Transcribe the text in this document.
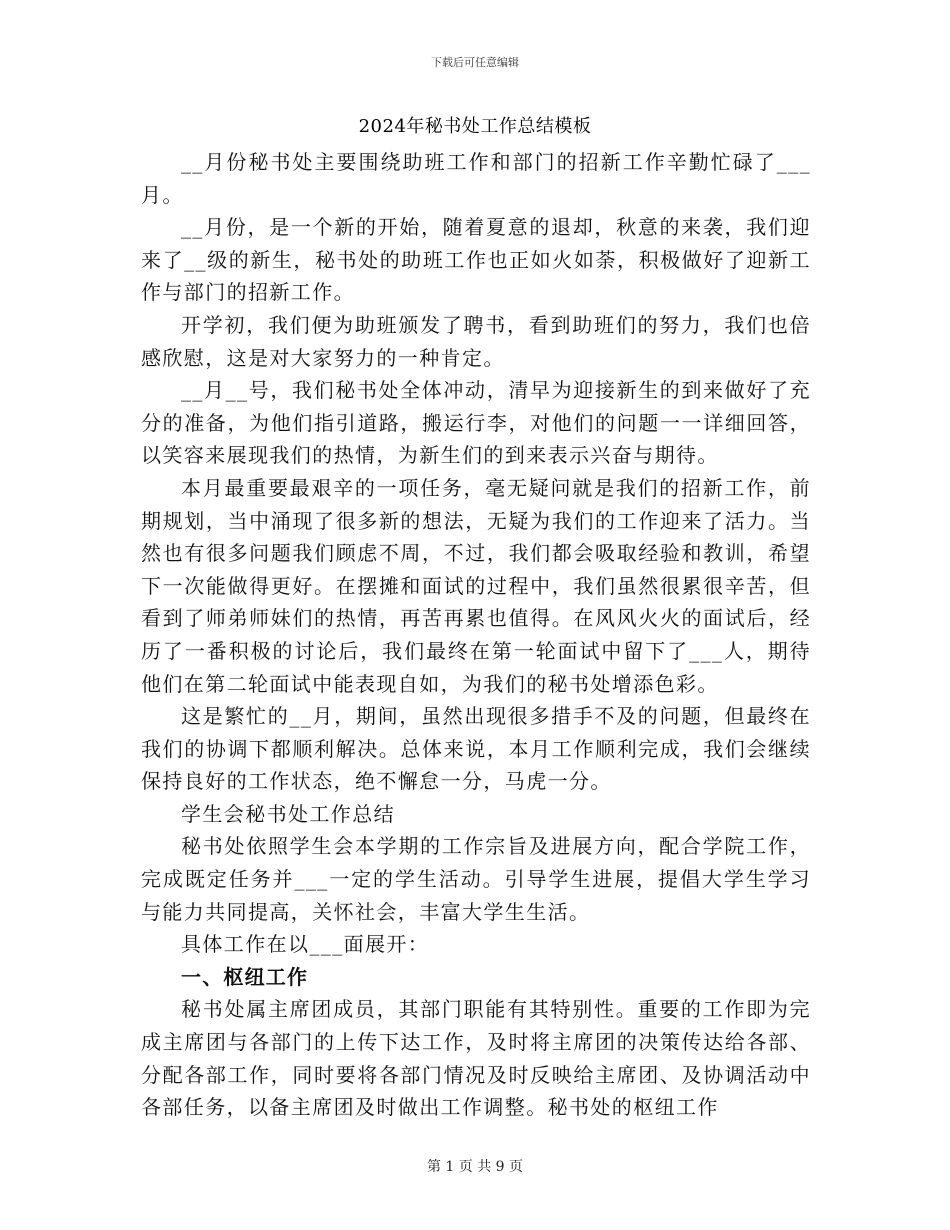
下载后可任意编辑
2024年秘书处工作总结模板

__月份秘书处主要围绕助班工作和部门的招新工作辛勤忙碌了___月。

__月份，是一个新的开始，随着夏意的退却，秋意的来袭，我们迎来了__级的新生，秘书处的助班工作也正如火如荼，积极做好了迎新工作与部门的招新工作。

开学初，我们便为助班颁发了聘书，看到助班们的努力，我们也倍感欣慰，这是对大家努力的一种肯定。

__月__号，我们秘书处全体冲动，清早为迎接新生的到来做好了充分的准备，为他们指引道路，搬运行李，对他们的问题一一详细回答，以笑容来展现我们的热情，为新生们的到来表示兴奋与期待。

本月最重要最艰辛的一项任务，毫无疑问就是我们的招新工作，前期规划，当中涌现了很多新的想法，无疑为我们的工作迎来了活力。当然也有很多问题我们顾虑不周，不过，我们都会吸取经验和教训，希望下一次能做得更好。在摆摊和面试的过程中，我们虽然很累很辛苦，但看到了师弟师妹们的热情，再苦再累也值得。在风风火火的面试后，经历了一番积极的讨论后，我们最终在第一轮面试中留下了___人，期待他们在第二轮面试中能表现自如，为我们的秘书处增添色彩。

这是繁忙的__月，期间，虽然出现很多措手不及的问题，但最终在我们的协调下都顺利解决。总体来说，本月工作顺利完成，我们会继续保持良好的工作状态，绝不懈怠一分，马虎一分。

学生会秘书处工作总结

秘书处依照学生会本学期的工作宗旨及进展方向，配合学院工作，完成既定任务并___一定的学生活动。引导学生进展，提倡大学生学习与能力共同提高，关怀社会，丰富大学生生活。

具体工作在以___面展开：

一、枢纽工作

秘书处属主席团成员，其部门职能有其特别性。重要的工作即为完成主席团与各部门的上传下达工作，及时将主席团的决策传达给各部、分配各部工作，同时要将各部门情况及时反映给主席团、及协调活动中各部任务，以备主席团及时做出工作调整。秘书处的枢纽工作

第 1 页 共 9 页
